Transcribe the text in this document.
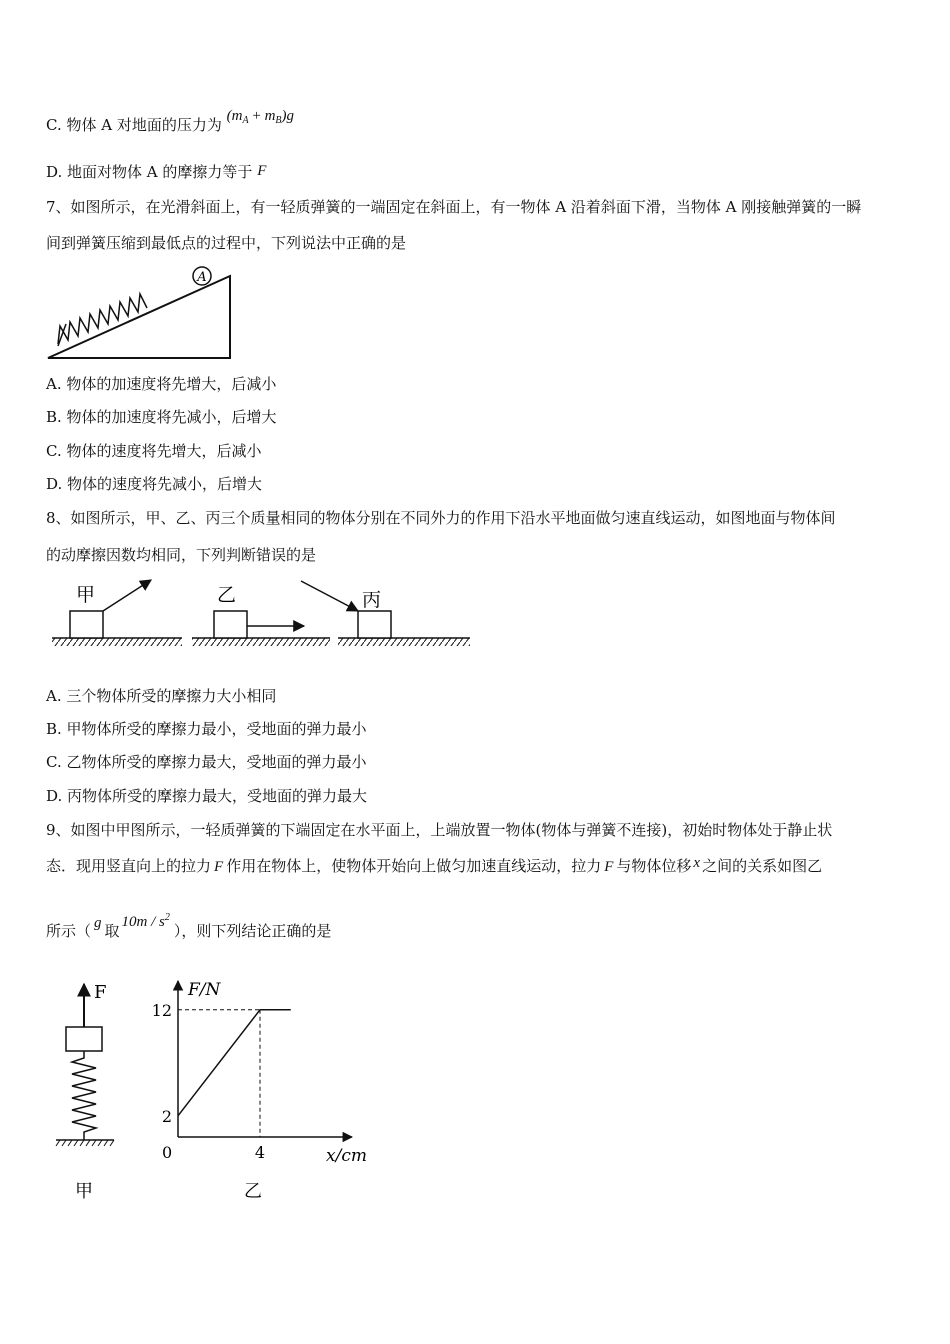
C. 物体 A 对地面的压力为 $(m_A + m_B)g$
D. 地面对物体 A 的摩擦力等于 F
7、如图所示，在光滑斜面上，有一轻质弹簧的一端固定在斜面上，有一物体 A 沿着斜面下滑，当物体 A 刚接触弹簧的一瞬
间到弹簧压缩到最低点的过程中，下列说法中正确的是
A
A. 物体的加速度将先增大，后减小
B. 物体的加速度将先减小，后增大
C. 物体的速度将先增大，后减小
D. 物体的速度将先减小，后增大
8、如图所示，甲、乙、丙三个质量相同的物体分别在不同外力的作用下沿水平地面做匀速直线运动，如图地面与物体间
的动摩擦因数均相同，下列判断错误的是
甲	乙	丙
A. 三个物体所受的摩擦力大小相同
B. 甲物体所受的摩擦力最小，受地面的弹力最小
C. 乙物体所受的摩擦力最大，受地面的弹力最小
D. 丙物体所受的摩擦力最大，受地面的弹力最大
9、如图中甲图所示，一轻质弹簧的下端固定在水平面上，上端放置一物体(物体与弹簧不连接)，初始时物体处于静止状
态．现用竖直向上的拉力 F 作用在物体上，使物体开始向上做匀加速直线运动，拉力 F 与物体位移 x 之间的关系如图乙
所示（ g 取 $10m / s^2$），则下列结论正确的是
F
甲
F/N
x/cm
0
乙
2
12
4
